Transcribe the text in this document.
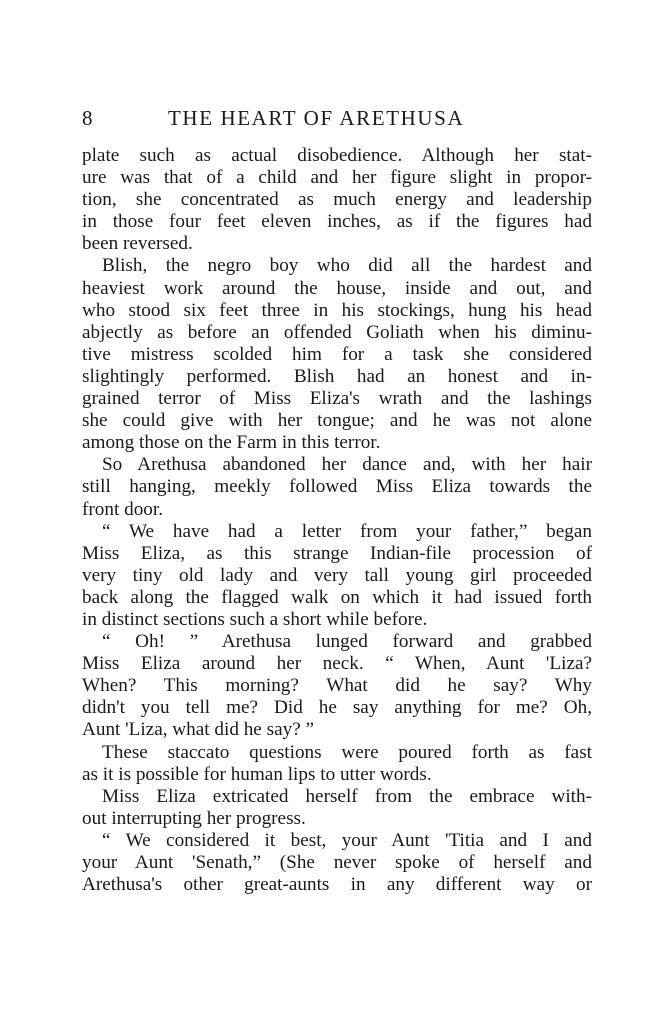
8	THE HEART OF ARETHUSA
plate such as actual disobedience. Although her stat-
ure was that of a child and her figure slight in propor-
tion, she concentrated as much energy and leadership
in those four feet eleven inches, as if the figures had
been reversed.
Blish, the negro boy who did all the hardest and
heaviest work around the house, inside and out, and
who stood six feet three in his stockings, hung his head
abjectly as before an offended Goliath when his diminu-
tive mistress scolded him for a task she considered
slightingly performed. Blish had an honest and in-
grained terror of Miss Eliza's wrath and the lashings
she could give with her tongue; and he was not alone
among those on the Farm in this terror.
So Arethusa abandoned her dance and, with her hair
still hanging, meekly followed Miss Eliza towards the
front door.
“ We have had a letter from your father,” began
Miss Eliza, as this strange Indian-file procession of
very tiny old lady and very tall young girl proceeded
back along the flagged walk on which it had issued forth
in distinct sections such a short while before.
“ Oh! ” Arethusa lunged forward and grabbed
Miss Eliza around her neck. “ When, Aunt 'Liza?
When? This morning? What did he say? Why
didn't you tell me? Did he say anything for me? Oh,
Aunt 'Liza, what did he say? ”
These staccato questions were poured forth as fast
as it is possible for human lips to utter words.
Miss Eliza extricated herself from the embrace with-
out interrupting her progress.
“ We considered it best, your Aunt 'Titia and I and
your Aunt 'Senath,” (She never spoke of herself and
Arethusa's other great-aunts in any different way or
